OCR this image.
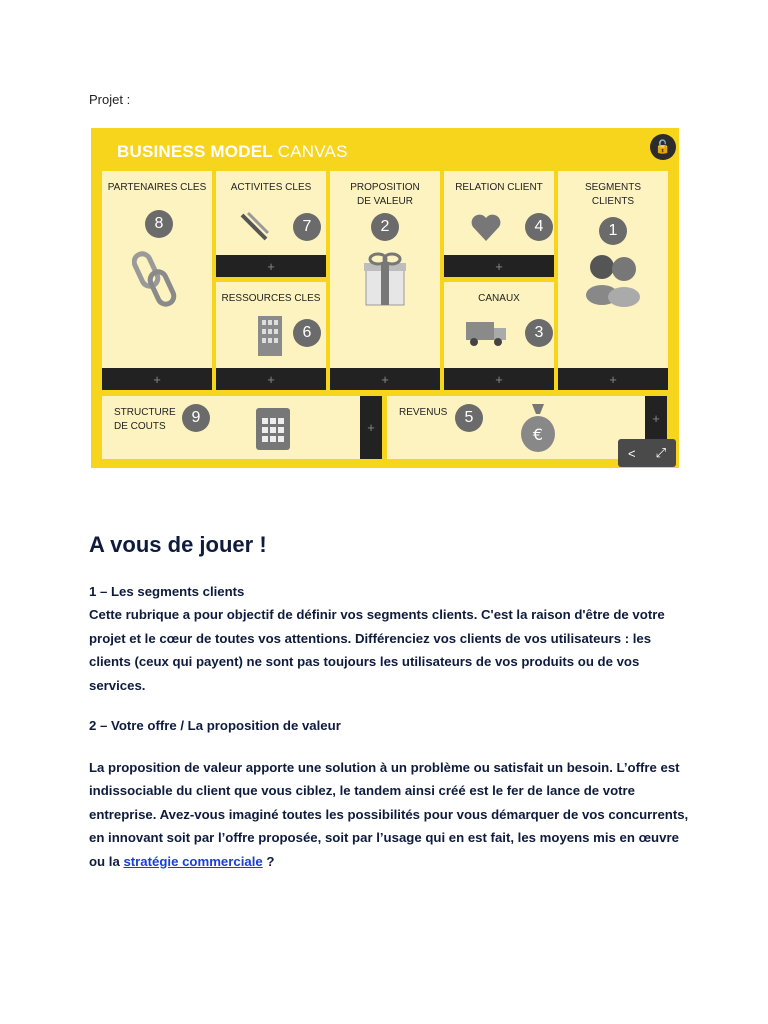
Projet :
BUSINESS MODEL CANVAS	🔓
PARTENAIRES CLES
8
+
ACTIVITES CLES
7
+
RESSOURCES CLES
6
+
PROPOSITION
DE VALEUR
2
+
RELATION CLIENT
4
+
CANAUX
3
+
SEGMENTS
CLIENTS
1
+
STRUCTURE
DE COUTS
9
+
REVENUS	5
€
+
< ⤢
A vous de jouer !

1 – Les segments clients

Cette rubrique a pour objectif de définir vos segments clients. C'est la raison d'être de votre projet et le cœur de toutes vos attentions. Différenciez vos clients de vos utilisateurs : les clients (ceux qui payent) ne sont pas toujours les utilisateurs de vos produits ou de vos services.

2 – Votre offre / La proposition de valeur

La proposition de valeur apporte une solution à un problème ou satisfait un besoin. L’offre est indissociable du client que vous ciblez, le tandem ainsi créé est le fer de lance de votre entreprise. Avez-vous imaginé toutes les possibilités pour vous démarquer de vos concurrents, en innovant soit par l’offre proposée, soit par l’usage qui en est fait, les moyens mis en œuvre ou la stratégie commerciale ?
